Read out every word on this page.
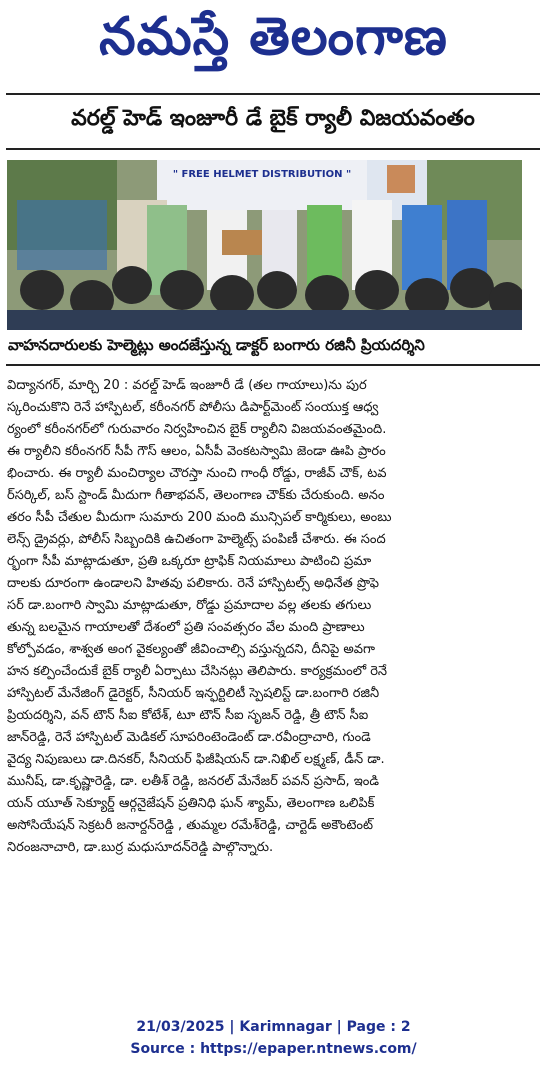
నమస్తే తెలంగాణ
వరల్డ్ హెడ్ ఇంజూరీ డే బైక్ ర్యాలీ విజయవంతం
" FREE HELMET DISTRIBUTION "
వాహనదారులకు హెల్మెట్లు అందజేస్తున్న డాక్టర్ బంగారు రజినీ ప్రియదర్శిని
విద్యానగర్, మార్చి 20 : వరల్డ్ హెడ్ ఇంజూరీ డే (తల గాయాలు)ను పుర
స్కరించుకొని రెనే హాస్పిటల్, కరీంనగర్ పోలీసు డిపార్ట్‌మెంట్ సంయుక్త ఆధ్వ
ర్యంలో కరీంనగర్‌లో గురువారం నిర్వహించిన బైక్ ర్యాలీని విజయవంతమైంది.
ఈ ర్యాలీని కరీంనగర్ సీపీ గౌస్ ఆలం, ఏసీపీ వెంకటస్వామి జెండా ఊపి ప్రారం
భించారు. ఈ ర్యాలీ మంచిర్యాల చౌరస్తా నుంచి గాంధీ రోడ్డు, రాజీవ్ చౌక్, టవ
ర్‌సర్కిల్, బస్ స్టాండ్ మీదుగా గీతాభవన్, తెలంగాణ చౌక్‌కు చేరుకుంది. అనం
తరం సీపీ చేతుల మీదుగా సుమారు 200 మంది మున్సిపల్ కార్మికులు, అంబు
లెన్స్ డ్రైవర్లు, పోలీస్ సిబ్బందికి ఉచితంగా హెల్మెట్స్ పంపిణీ చేశారు. ఈ సంద
ర్భంగా సీపీ మాట్లాడుతూ, ప్రతి ఒక్కరూ ట్రాఫిక్ నియమాలు పాటించి ప్రమా
దాలకు దూరంగా ఉండాలని హితవు పలికారు. రెనే హాస్పిటల్స్ అధినేత ప్రొఫె
సర్ డా.బంగారి స్వామి మాట్లాడుతూ, రోడ్డు ప్రమాదాల వల్ల తలకు తగులు
తున్న బలమైన గాయాలతో దేశంలో ప్రతి సంవత్సరం వేల మంది ప్రాణాలు
కోల్పోవడం, శాశ్వత అంగ వైకల్యంతో జీవించాల్సి వస్తున్నదని, దీనిపై అవగా
హన కల్పించేందుకే బైక్ ర్యాలీ ఏర్పాటు చేసినట్లు తెలిపారు. కార్యక్రమంలో రెనే
హాస్పిటల్ మేనేజింగ్ డైరెక్టర్, సీనియర్ ఇన్ఫర్టిలిటీ స్పెషలిస్ట్ డా.బంగారి రజినీ
ప్రియదర్శిని, వన్ టౌన్ సీఐ కోటేశ్, టూ టౌన్ సీఐ సృజన్ రెడ్డి, త్రీ టౌన్ సీఐ
జాన్‌రెడ్డి, రెనే హాస్పిటల్ మెడికల్ సూపరింటెండెంట్ డా.రవీంద్రాచారి, గుండె
వైద్య నిపుణులు డా.దినకర్, సీనియర్ ఫిజీషియన్ డా.నిఖిల్ లక్ష్మణ్, డీన్ డా.
మునీష్, డా.కృష్ణారెడ్డి, డా. లతీశ్ రెడ్డి, జనరల్ మేనేజర్ పవన్ ప్రసాద్, ఇండి
యన్ యూత్ సెక్యూర్డ్ ఆర్గనైజేషన్ ప్రతినిధి ఘన్ శ్యామ్, తెలంగాణ ఒలిపిక్
అసోసియేషన్ సెక్రటరీ జనార్దన్‌రెడ్డి , తుమ్మల రమేశ్‌రెడ్డి, చార్టెడ్ అకౌంటెంట్
నిరంజనాచారి, డా.బుర్ర మధుసూదన్‌రెడ్డి పాల్గొన్నారు.
21/03/2025 | Karimnagar | Page : 2
Source : https://epaper.ntnews.com/
